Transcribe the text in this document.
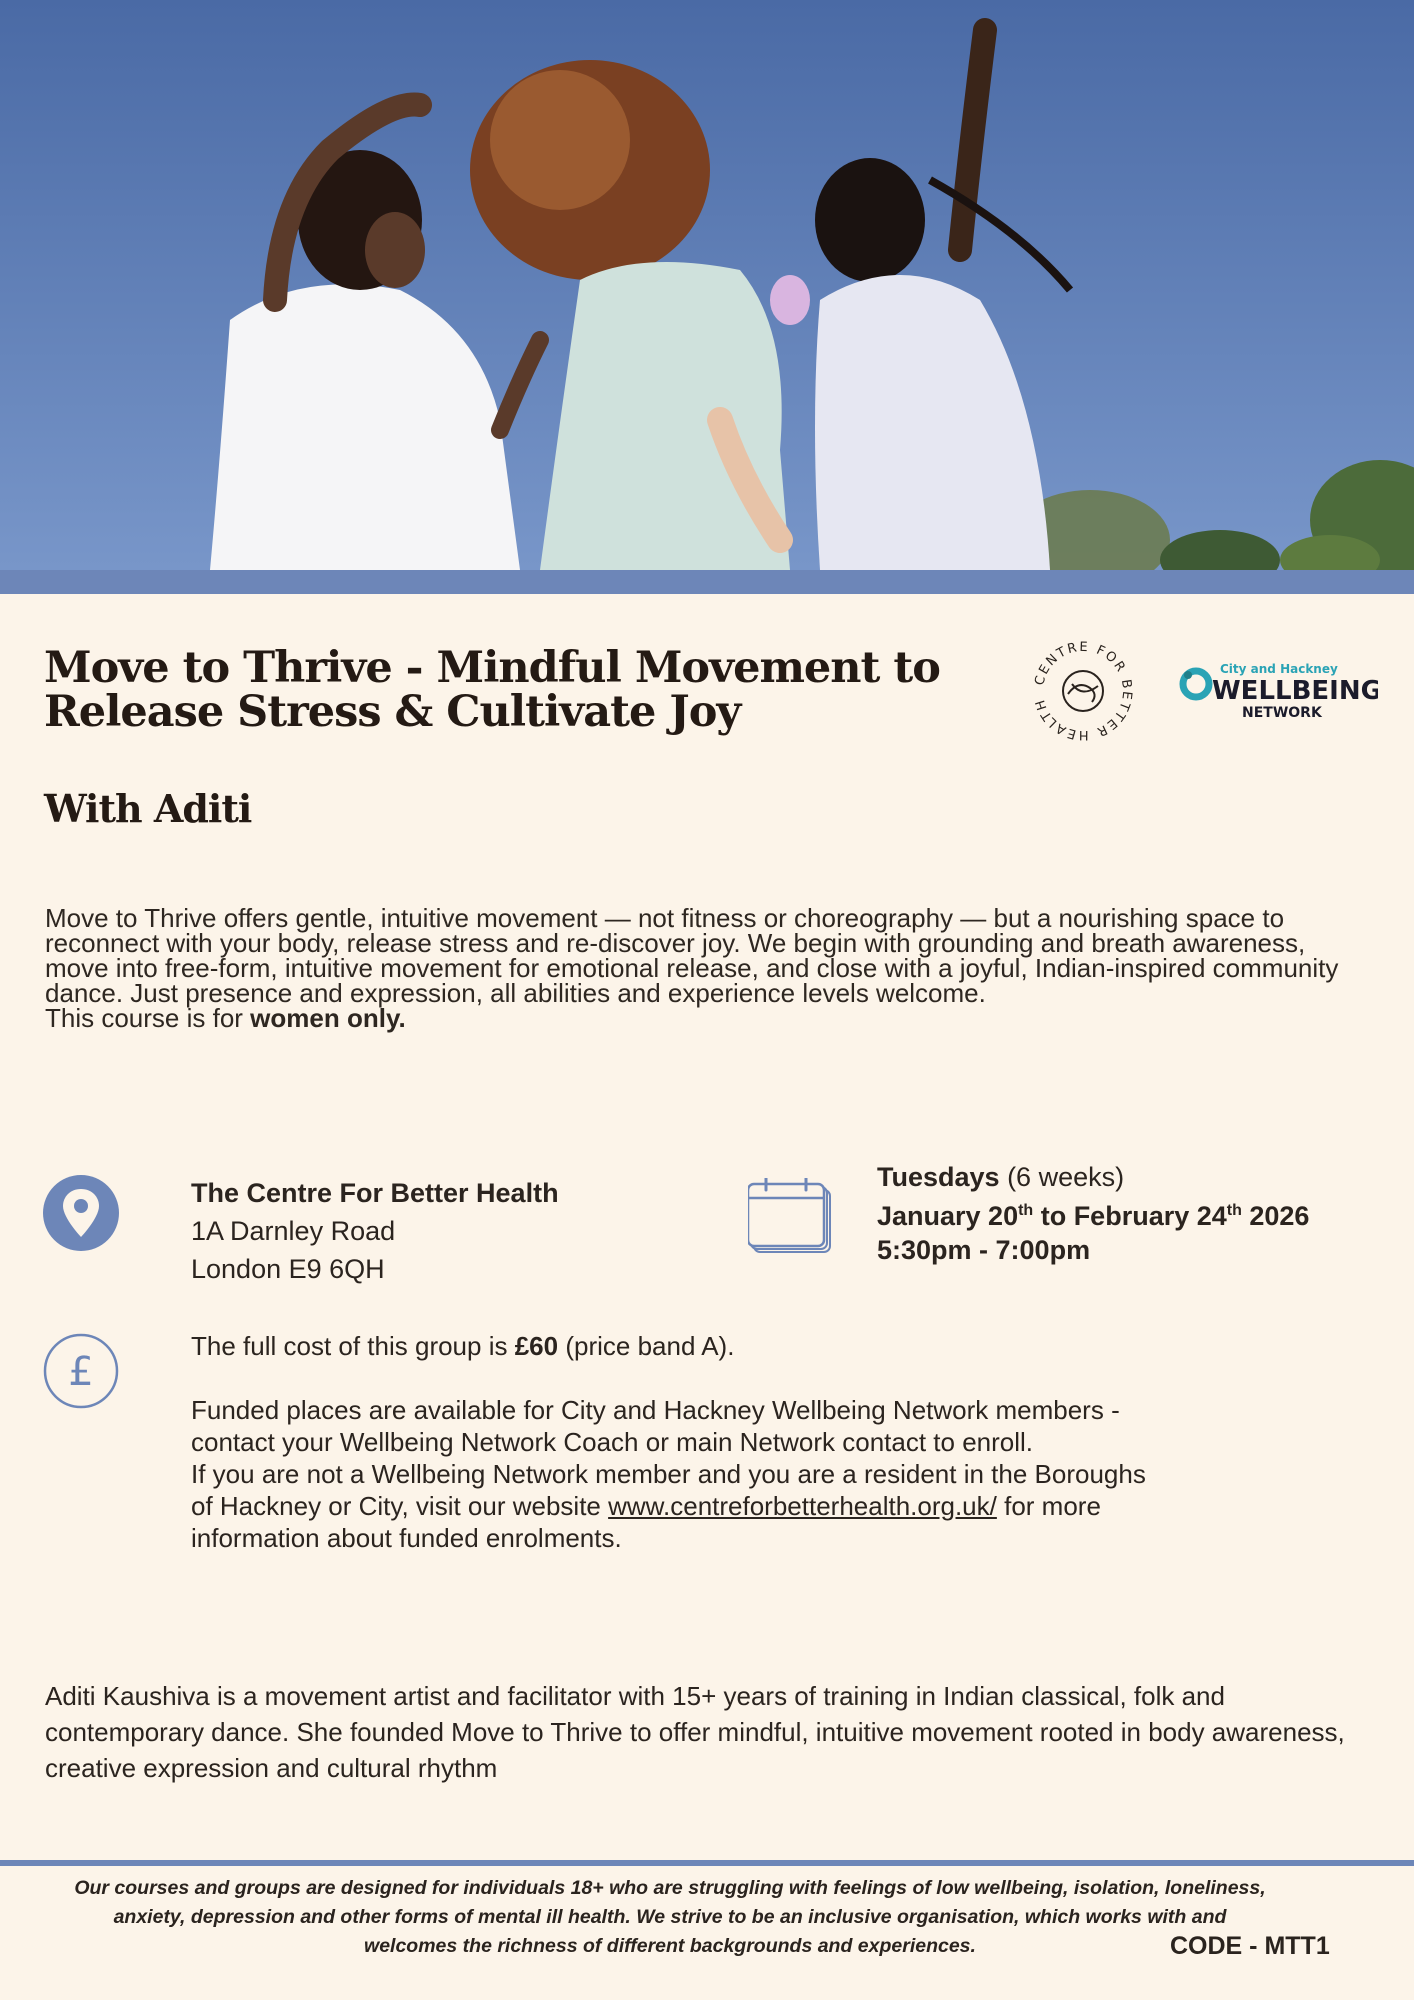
Move to Thrive - Mindful Movement to Release Stress & Cultivate Joy
With Aditi
CENTRE FOR BETTER HEALTH
City and Hackney
WELLBEING
NETWORK
Move to Thrive offers gentle, intuitive movement — not fitness or choreography — but a nourishing space to reconnect with your body, release stress and re-discover joy. We begin with grounding and breath awareness, move into free-form, intuitive movement for emotional release, and close with a joyful, Indian-inspired community dance. Just presence and expression, all abilities and experience levels welcome.
This course is for women only.
The Centre For Better Health
1A Darnley Road
London E9 6QH
Tuesdays (6 weeks)
January 20th to February 24th 2026
5:30pm - 7:00pm
£

The full cost of this group is £60 (price band A).

Funded places are available for City and Hackney Wellbeing Network members -

contact your Wellbeing Network Coach or main Network contact to enroll.

If you are not a Wellbeing Network member and you are a resident in the Boroughs

of Hackney or City, visit our website www.centreforbetterhealth.org.uk/ for more

information about funded enrolments.

Aditi Kaushiva is a movement artist and facilitator with 15+ years of training in Indian classical, folk and contemporary dance. She founded Move to Thrive to offer mindful, intuitive movement rooted in body awareness, creative expression and cultural rhythm
Our courses and groups are designed for individuals 18+ who are struggling with feelings of low wellbeing, isolation, loneliness, anxiety, depression and other forms of mental ill health. We strive to be an inclusive organisation, which works with and welcomes the richness of different backgrounds and experiences.	CODE - MTT1
